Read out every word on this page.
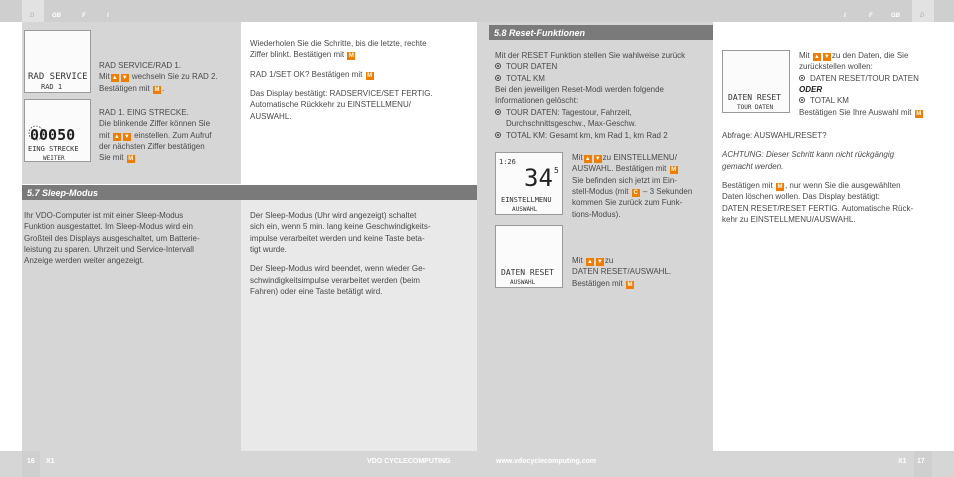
D	GB	F	I	I	F	GB	D
RAD SERVICE
RAD 1
00050
EING STRECKE
WEITER

RAD SERVICE/RAD 1.

Mit ▲ ▼ wechseln Sie zu RAD 2.

Bestätigen mit M .

RAD 1. EING STRECKE.

Die blinkende Ziffer können Sie

mit ▲ ▼ einstellen. Zum Aufruf

der nächsten Ziffer bestätigen

Sie mit M

Wiederholen Sie die Schritte, bis die letzte, rechte

Ziffer blinkt. Bestätigen mit M

RAD 1/SET OK? Bestätigen mit M

Das Display bestätigt: RADSERVICE/SET FERTIG.

Automatische Rückkehr zu EINSTELLMENU/

AUSWAHL.

5.7 Sleep-Modus

Ihr VDO-Computer ist mit einer Sleep-Modus

Funktion ausgestattet. Im Sleep-Modus wird ein

Großteil des Displays ausgeschaltet, um Batterie-

leistung zu sparen. Uhrzeit und Service-Intervall

Anzeige werden weiter angezeigt.

Der Sleep-Modus (Uhr wird angezeigt) schaltet

sich ein, wenn 5 min. lang keine Geschwindigkeits-

impulse verarbeitet werden und keine Taste beta-

tigt wurde.

Der Sleep-Modus wird beendet, wenn wieder Ge-

schwindigkeitsimpulse verarbeitet werden (beim

Fahren) oder eine Taste betätigt wird.

5.8 Reset-Funktionen

Mit der RESET Funktion stellen Sie wahlweise zurück

TOUR DATEN

TOTAL KM

Bei den jeweiligen Reset-Modi werden folgende

Informationen gelöscht:

TOUR DATEN: Tagestour, Fahrzeit,

Durchschnittsgeschw., Max-Geschw.

TOTAL KM: Gesamt km, km Rad 1, km Rad 2

1:26
34 5
EINSTELLMENU
AUSWAHL

Mit ▲ ▼ zu EINSTELLMENU/

AUSWAHL. Bestätigen mit M

Sie befinden sich jetzt im Ein-

stell-Modus (mit C – 3 Sekunden

kommen Sie zurück zum Funk-

tions-Modus).

DATEN RESET
AUSWAHL

Mit ▲ ▼ zu

DATEN RESET/AUSWAHL.

Bestätigen mit M

DATEN RESET
TOUR DATEN

Mit ▲ ▼ zu den Daten, die Sie

zurückstellen wollen:

DATEN RESET/TOUR DATEN

ODER

TOTAL KM

Bestätigen Sie Ihre Auswahl mit M

Abfrage: AUSWAHL/RESET?

ACHTUNG: Dieser Schritt kann nicht rückgängig

gemacht werden.

Bestätigen mit M , nur wenn Sie die ausgewählten

Daten löschen wollen. Das Display bestätigt:

DATEN RESET/RESET FERTIG. Automatische Rück-

kehr zu EINSTELLMENU/AUSWAHL.

16 X1	VDO CYCLECOMPUTING	www.vdocyclecomputing.com	X1 17
